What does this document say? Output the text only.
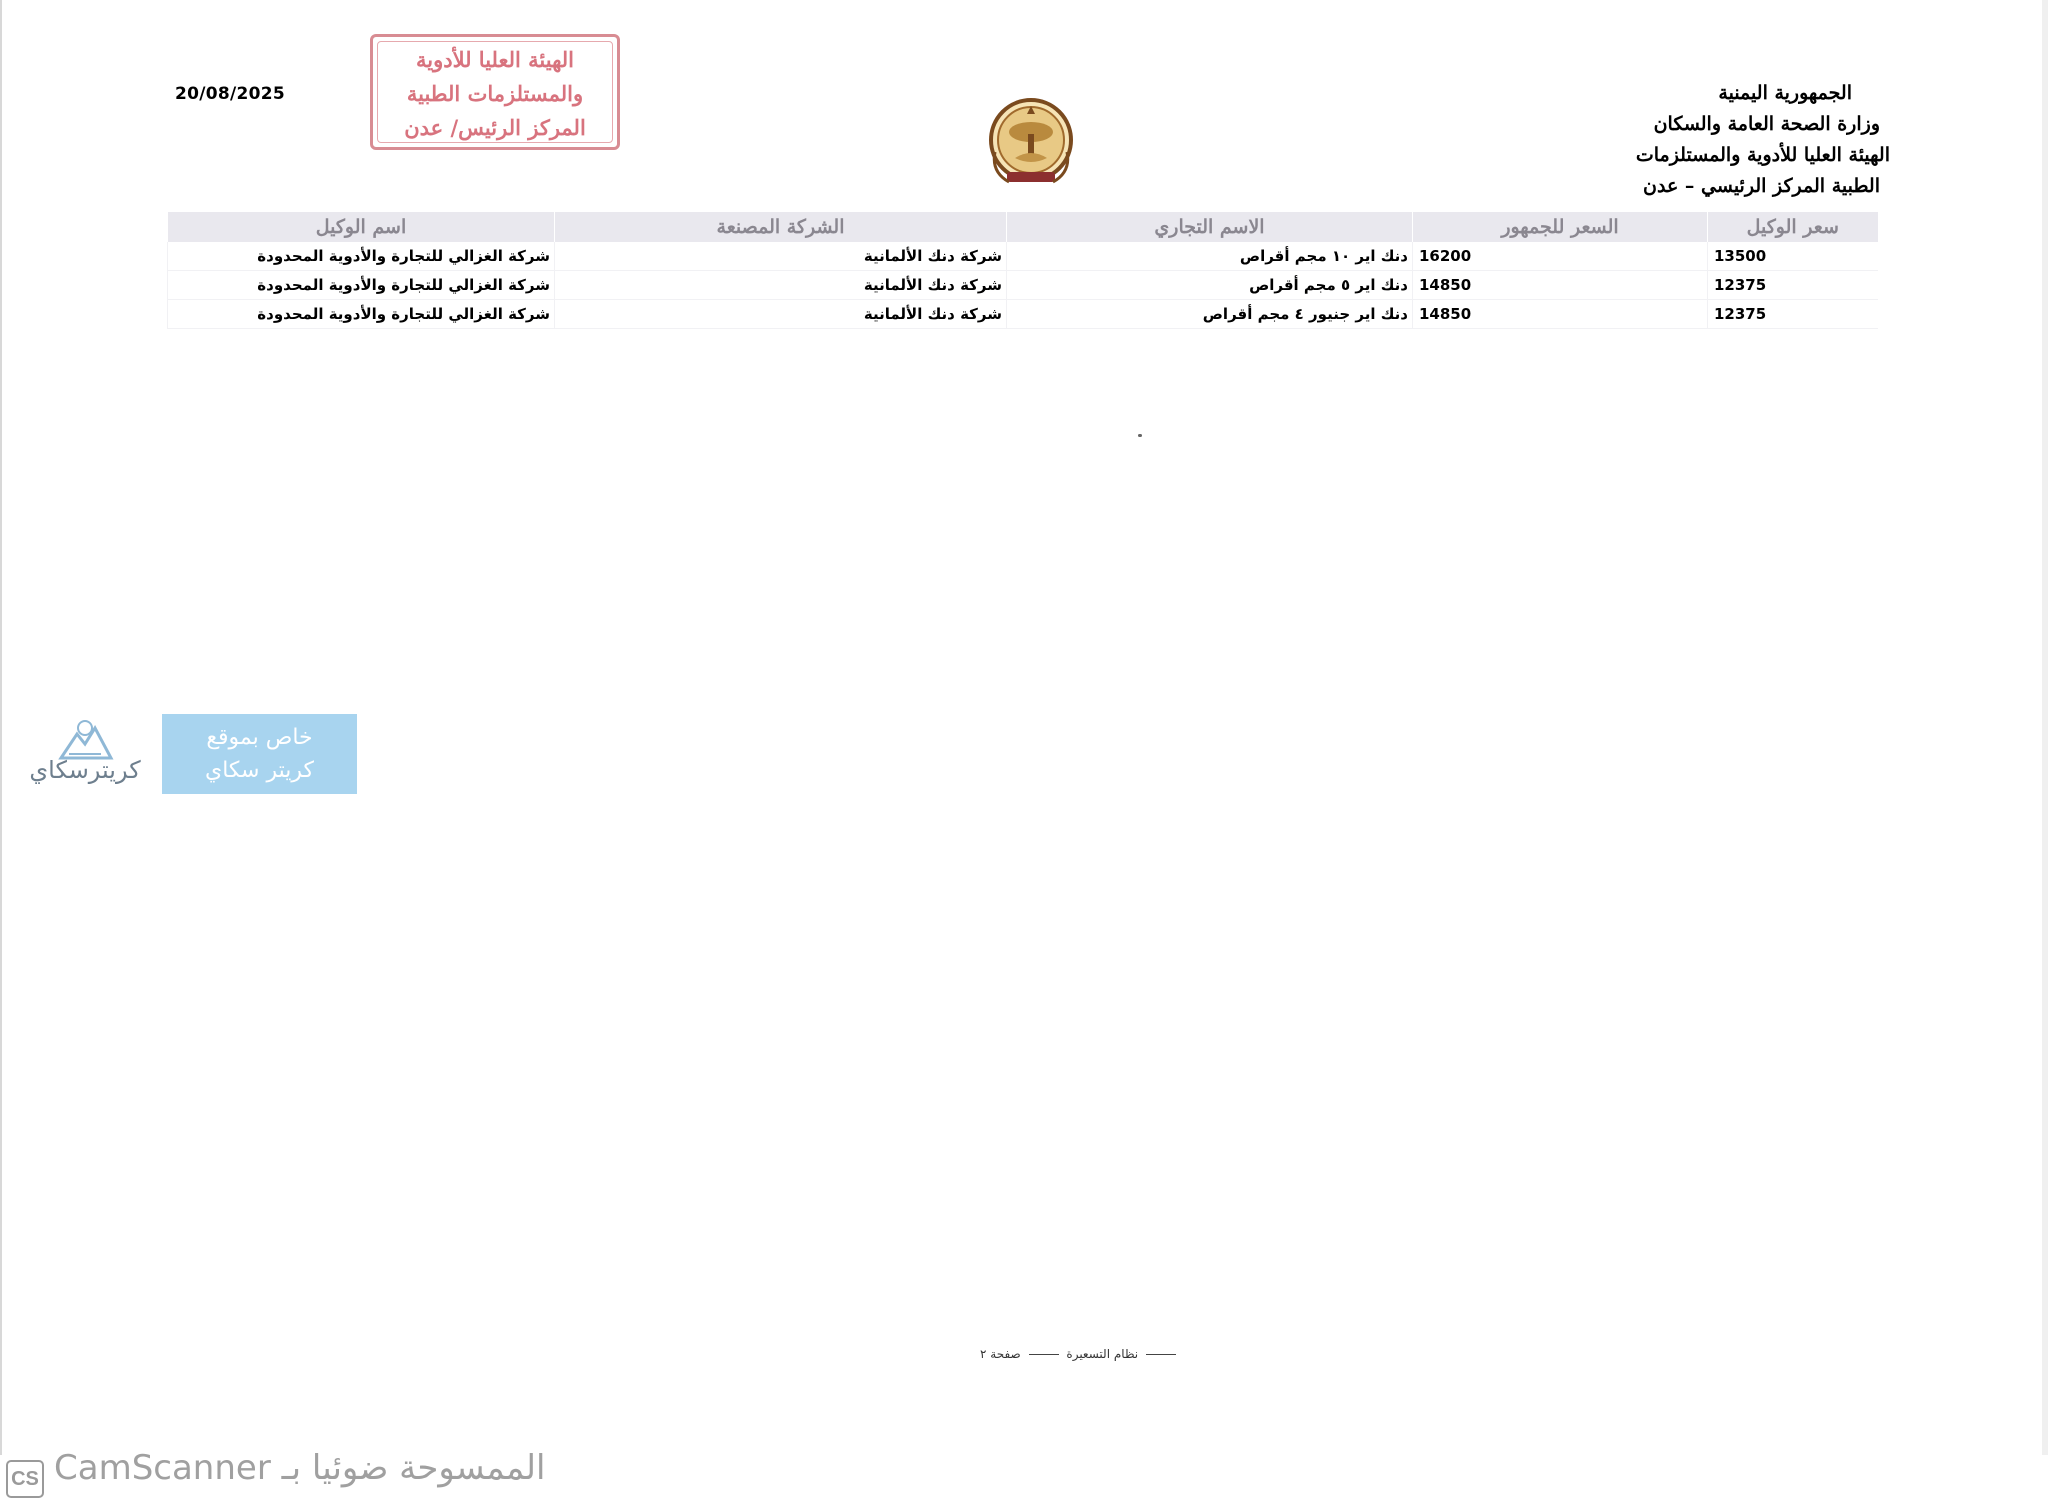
20/08/2025
الهيئة العليا للأدوية
والمستلزمات الطبية
المركز الرئيس/ عدن
الجمهورية اليمنية
وزارة الصحة العامة والسكان
الهيئة العليا للأدوية والمستلزمات
الطبية المركز الرئيسي – عدن
سعر الوكيل	السعر للجمهور	الاسم التجاري	الشركة المصنعة	اسم الوكيل
13500	16200	دنك اير ١٠ مجم أقراص	شركة دنك الألمانية	شركة الغزالي للتجارة والأدوية المحدودة
12375	14850	دنك اير ٥ مجم أقراص	شركة دنك الألمانية	شركة الغزالي للتجارة والأدوية المحدودة
12375	14850	دنك اير جنيور ٤ مجم أقراص	شركة دنك الألمانية	شركة الغزالي للتجارة والأدوية المحدودة
كريترسكاي
خاص بموقع
كريتر سكاي
نظام التسعيرة  صفحة ٢
CS الممسوحة ضوئيا بـ CamScanner
